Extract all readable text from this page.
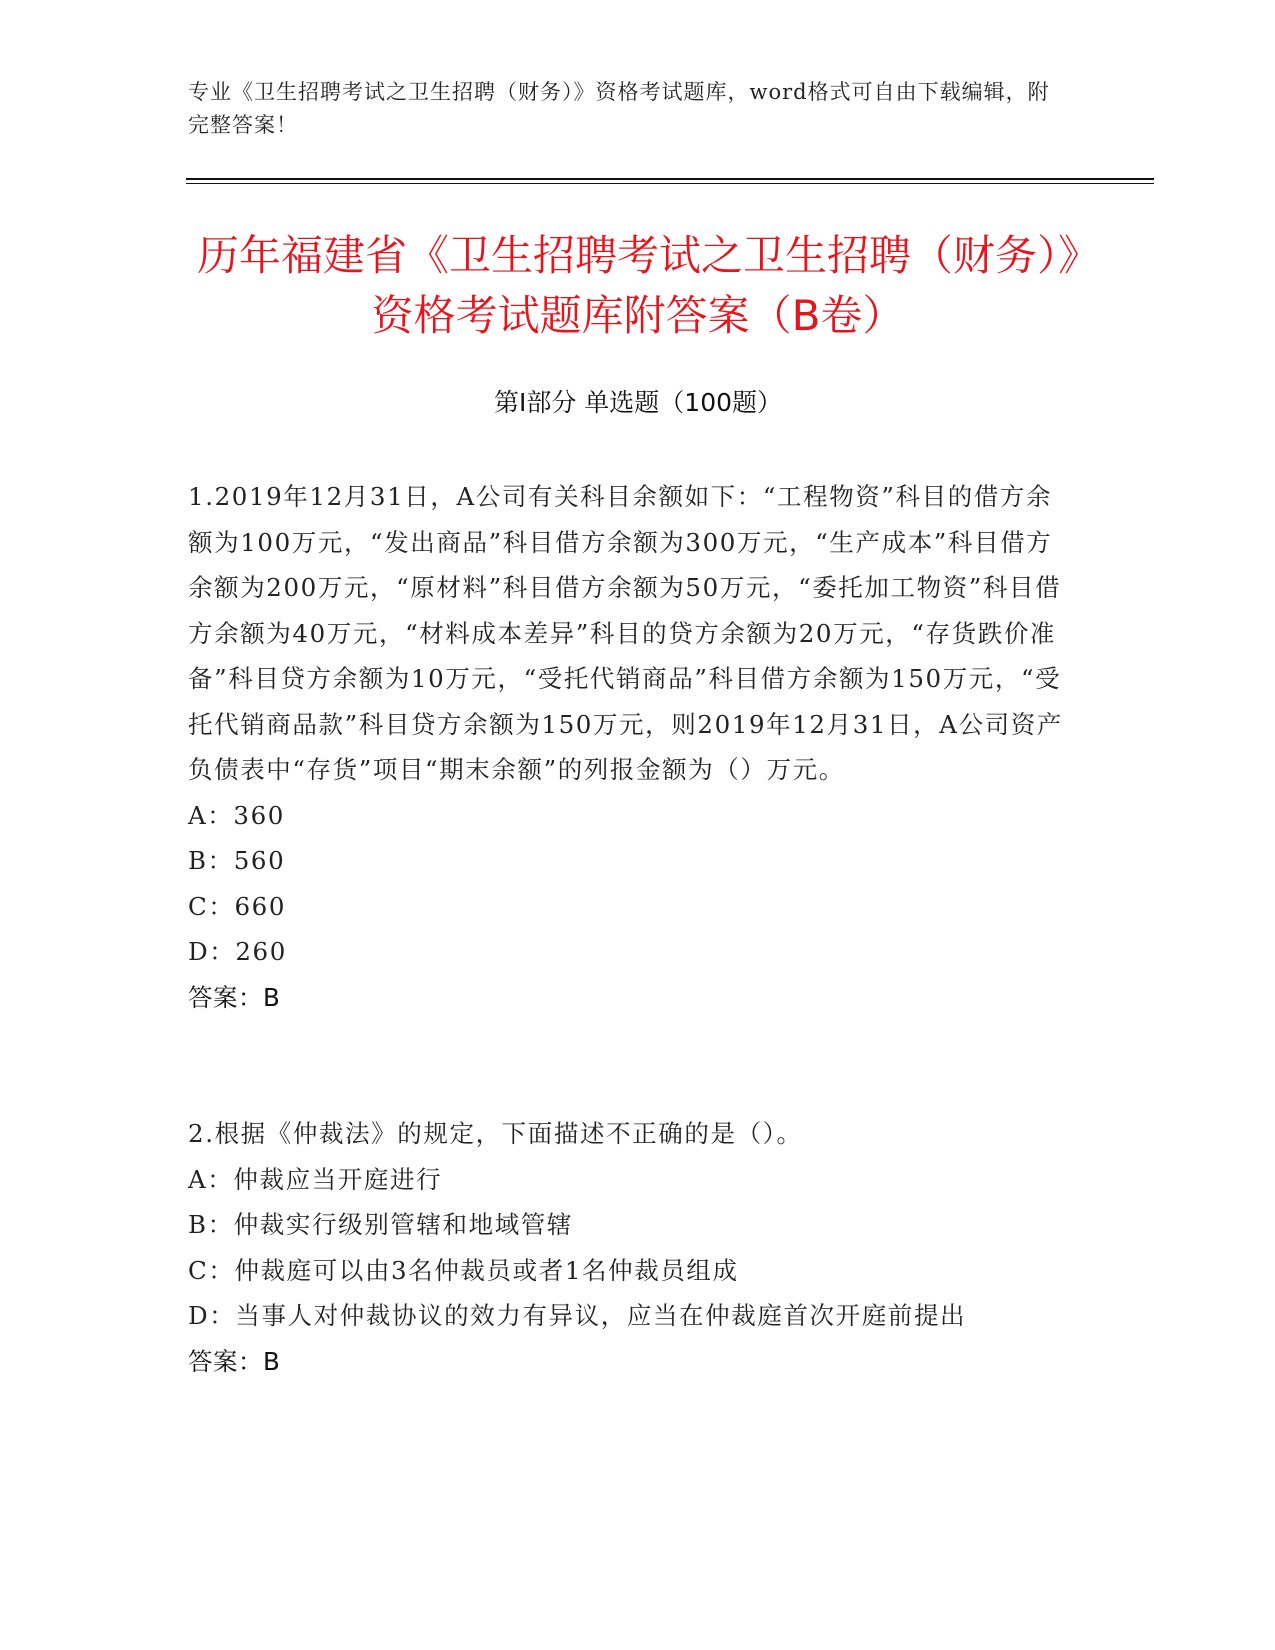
专业《卫生招聘考试之卫生招聘（财务）》资格考试题库，word格式可自由下载编辑，附完整答案！
历年福建省《卫生招聘考试之卫生招聘（财务）》资格考试题库附答案（B卷）
第Ⅰ部分 单选题（100题）

1.2019年12月31日，A公司有关科目余额如下：“工程物资”科目的借方余额为100万元，“发出商品”科目借方余额为300万元，“生产成本”科目借方余额为200万元，“原材料”科目借方余额为50万元，“委托加工物资”科目借方余额为40万元，“材料成本差异”科目的贷方余额为20万元，“存货跌价准备”科目贷方余额为10万元，“受托代销商品”科目借方余额为150万元，“受托代销商品款”科目贷方余额为150万元，则2019年12月31日，A公司资产负债表中“存货”项目“期末余额”的列报金额为（）万元。

A：360
B：560
C：660
D：260
答案：B

2.根据《仲裁法》的规定，下面描述不正确的是（）。

A：仲裁应当开庭进行
B：仲裁实行级别管辖和地域管辖
C：仲裁庭可以由3名仲裁员或者1名仲裁员组成
D：当事人对仲裁协议的效力有异议，应当在仲裁庭首次开庭前提出
答案：B
